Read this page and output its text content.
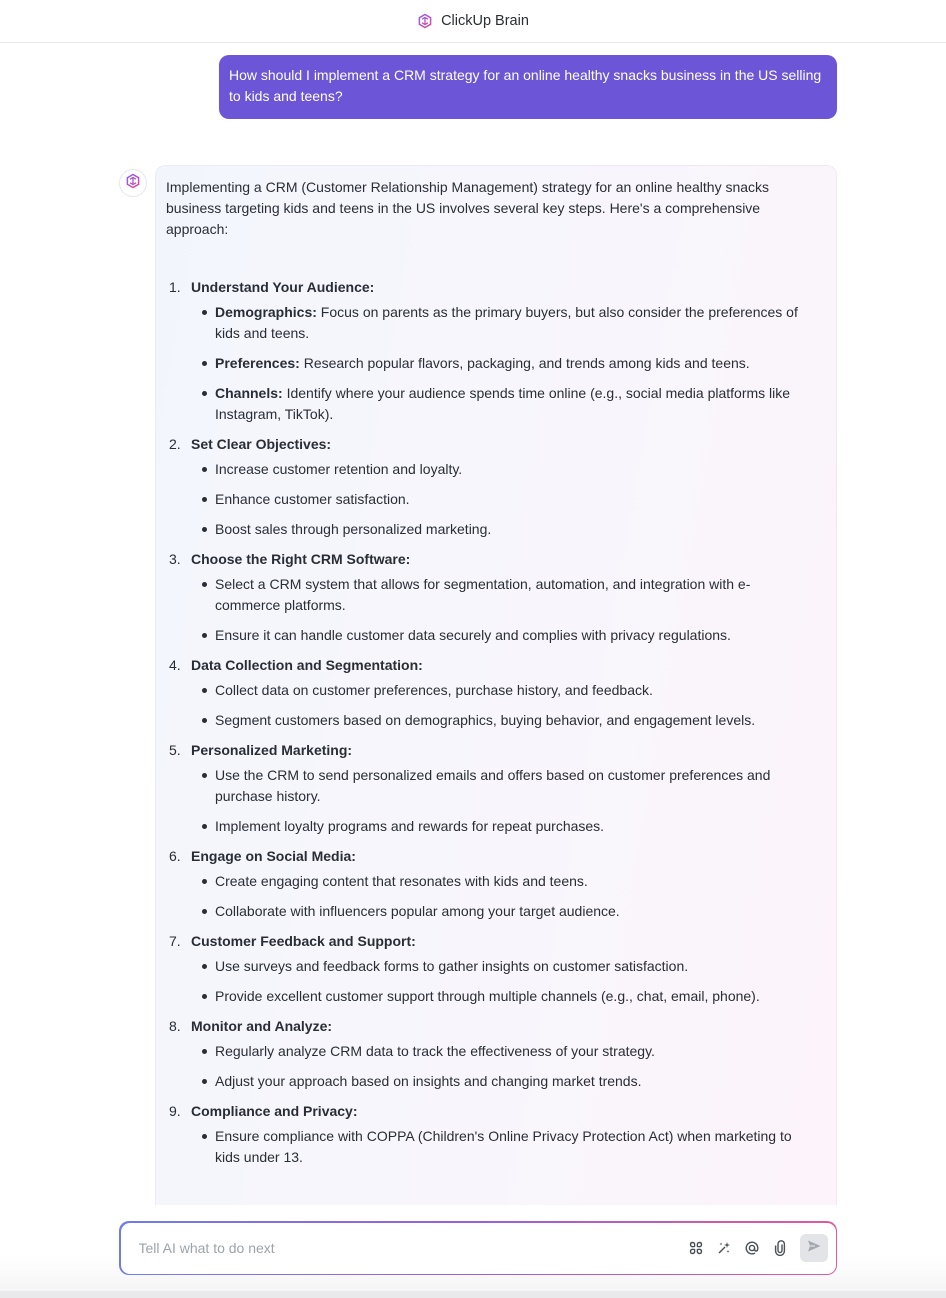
ClickUp Brain
How should I implement a CRM strategy for an online healthy snacks business in the US selling to kids and teens?

Implementing a CRM (Customer Relationship Management) strategy for an online healthy snacks business targeting kids and teens in the US involves several key steps. Here's a comprehensive approach:

1. Understand Your Audience:
Demographics: Focus on parents as the primary buyers, but also consider the preferences of kids and teens.
Preferences: Research popular flavors, packaging, and trends among kids and teens.
Channels: Identify where your audience spends time online (e.g., social media platforms like Instagram, TikTok).
2. Set Clear Objectives:
Increase customer retention and loyalty.
Enhance customer satisfaction.
Boost sales through personalized marketing.
3. Choose the Right CRM Software:
Select a CRM system that allows for segmentation, automation, and integration with e-commerce platforms.
Ensure it can handle customer data securely and complies with privacy regulations.
4. Data Collection and Segmentation:
Collect data on customer preferences, purchase history, and feedback.
Segment customers based on demographics, buying behavior, and engagement levels.
5. Personalized Marketing:
Use the CRM to send personalized emails and offers based on customer preferences and purchase history.
Implement loyalty programs and rewards for repeat purchases.
6. Engage on Social Media:
Create engaging content that resonates with kids and teens.
Collaborate with influencers popular among your target audience.
7. Customer Feedback and Support:
Use surveys and feedback forms to gather insights on customer satisfaction.
Provide excellent customer support through multiple channels (e.g., chat, email, phone).
8. Monitor and Analyze:
Regularly analyze CRM data to track the effectiveness of your strategy.
Adjust your approach based on insights and changing market trends.
9. Compliance and Privacy:
Ensure compliance with COPPA (Children's Online Privacy Protection Act) when marketing to kids under 13.
Tell AI what to do next
